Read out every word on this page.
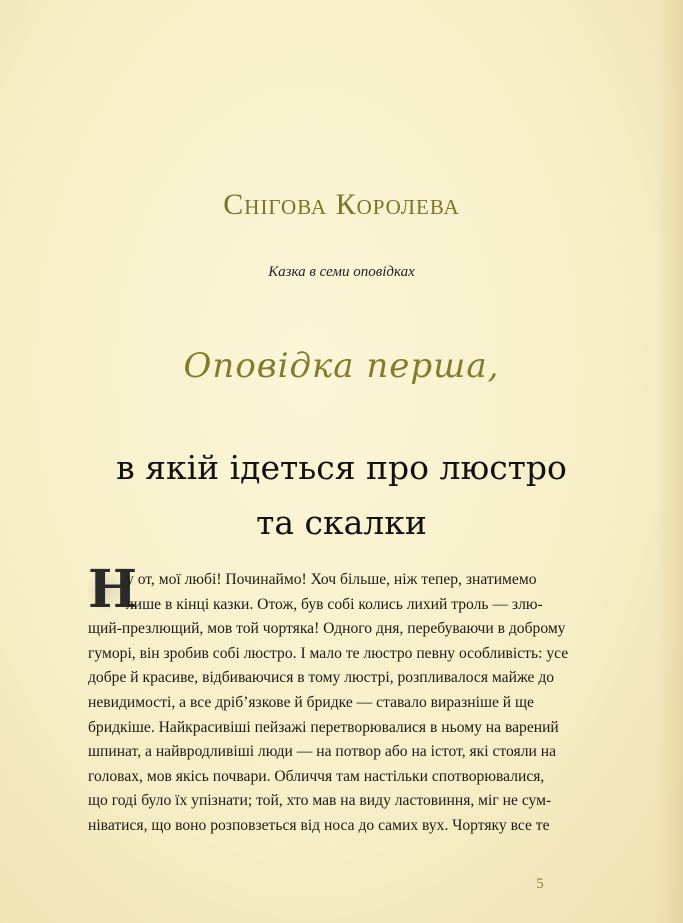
Снігова Королева
Казка в семи оповідках
Оповідка перша,
в якій ідеться про люстро
та скалки
Н
у от, мої любі! Починаймо! Хоч більше, ніж тепер, знатимемо
лише в кінці казки. Отож, був собі колись лихий троль — злю-
щий-презлющий, мов той чортяка! Одного дня, перебуваючи в доброму
гуморі, він зробив собі люстро. І мало те люстро певну особливість: усе
добре й красиве, відбиваючися в тому люстрі, розпливалося майже до
невидимості, а все дріб’язкове й бридке — ставало виразніше й ще
бридкіше. Найкрасивіші пейзажі перетворювалися в ньому на варений
шпинат, а найвродливіші люди — на потвор або на істот, які стояли на
головах, мов якісь почвари. Обличчя там настільки спотворювалися,
що годі було їх упізнати; той, хто мав на виду ластовиння, міг не сум-
ніватися, що воно розповзеться від носа до самих вух. Чортяку все те
5
